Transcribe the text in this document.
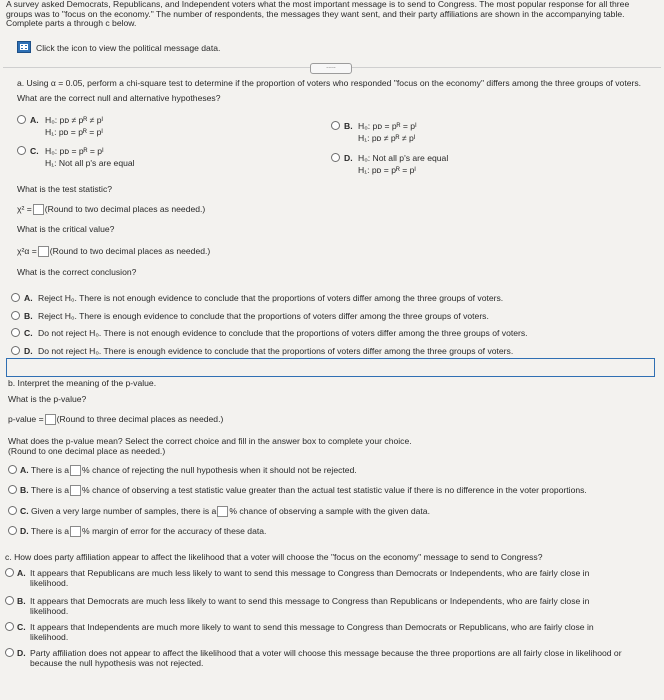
A survey asked Democrats, Republicans, and Independent voters what the most important message is to send to Congress. The most popular response for all three
groups was to "focus on the economy." The number of respondents, the messages they want sent, and their party affiliations are shown in the accompanying table.
Complete parts a through c below.
Click the icon to view the political message data.
.....
a. Using α = 0.05, perform a chi-square test to determine if the proportion of voters who responded "focus on the economy" differs among the three groups of voters.
What are the correct null and alternative hypotheses?
A. H₀: pᴅ ≠ pᴿ ≠ pᴵ
H₁: pᴅ = pᴿ = pᴵ
B. H₀: pᴅ = pᴿ = pᴵ
H₁: pᴅ ≠ pᴿ ≠ pᴵ
C. H₀: pᴅ = pᴿ = pᴵ
H₁: Not all p's are equal	D. H₀: Not all p's are equal
H₁: pᴅ = pᴿ = pᴵ
What is the test statistic?
χ² = (Round to two decimal places as needed.)
What is the critical value?
χ²α = (Round to two decimal places as needed.)
What is the correct conclusion?
A. Reject H₀. There is not enough evidence to conclude that the proportions of voters differ among the three groups of voters.
B. Reject H₀. There is enough evidence to conclude that the proportions of voters differ among the three groups of voters.
C. Do not reject H₀. There is not enough evidence to conclude that the proportions of voters differ among the three groups of voters.
D. Do not reject H₀. There is enough evidence to conclude that the proportions of voters differ among the three groups of voters.
b. Interpret the meaning of the p-value.
What is the p-value?
p-value = (Round to three decimal places as needed.)
What does the p-value mean? Select the correct choice and fill in the answer box to complete your choice.
(Round to one decimal place as needed.)
A. There is a % chance of rejecting the null hypothesis when it should not be rejected.
B. There is a % chance of observing a test statistic value greater than the actual test statistic value if there is no difference in the voter proportions.
C. Given a very large number of samples, there is a % chance of observing a sample with the given data.
D. There is a % margin of error for the accuracy of these data.
c. How does party affiliation appear to affect the likelihood that a voter will choose the "focus on the economy" message to send to Congress?
A. It appears that Republicans are much less likely to want to send this message to Congress than Democrats or Independents, who are fairly close in
likelihood.
B. It appears that Democrats are much less likely to want to send this message to Congress than Republicans or Independents, who are fairly close in
likelihood.
C. It appears that Independents are much more likely to want to send this message to Congress than Democrats or Republicans, who are fairly close in
likelihood.
D. Party affiliation does not appear to affect the likelihood that a voter will choose this message because the three proportions are all fairly close in likelihood or
because the null hypothesis was not rejected.
